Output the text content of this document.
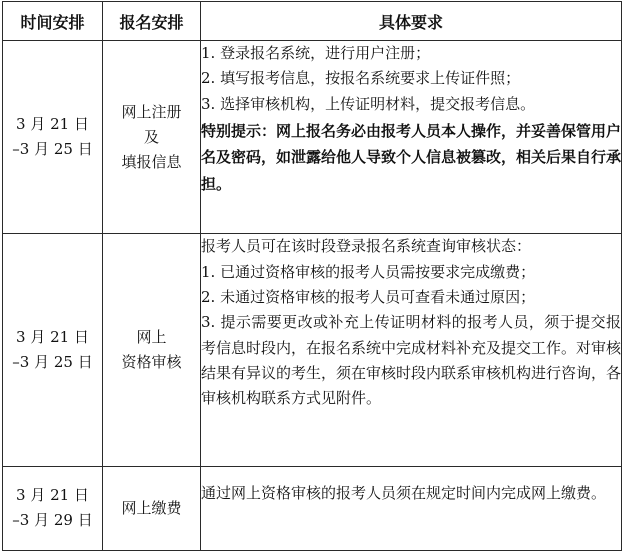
时间安排	报名安排	具体要求

3 月 21 日
–3 月 25 日	网上注册
及
填报信息	1. 登录报名系统，进行用户注册；
2. 填写报考信息，按报名系统要求上传证件照；
3. 选择审核机构，上传证明材料，提交报考信息。
特别提示：网上报名务必由报考人员本人操作，并妥善保管用户名及密码，如泄露给他人导致个人信息被篡改，相关后果自行承担。

3 月 21 日
–3 月 25 日	网上
资格审核	报考人员可在该时段登录报名系统查询审核状态：
1. 已通过资格审核的报考人员需按要求完成缴费；
2. 未通过资格审核的报考人员可查看未通过原因；
3. 提示需要更改或补充上传证明材料的报考人员，须于提交报考信息时段内，在报名系统中完成材料补充及提交工作。对审核结果有异议的考生，须在审核时段内联系审核机构进行咨询，各审核机构联系方式见附件。

3 月 21 日
–3 月 29 日	网上缴费	通过网上资格审核的报考人员须在规定时间内完成网上缴费。
